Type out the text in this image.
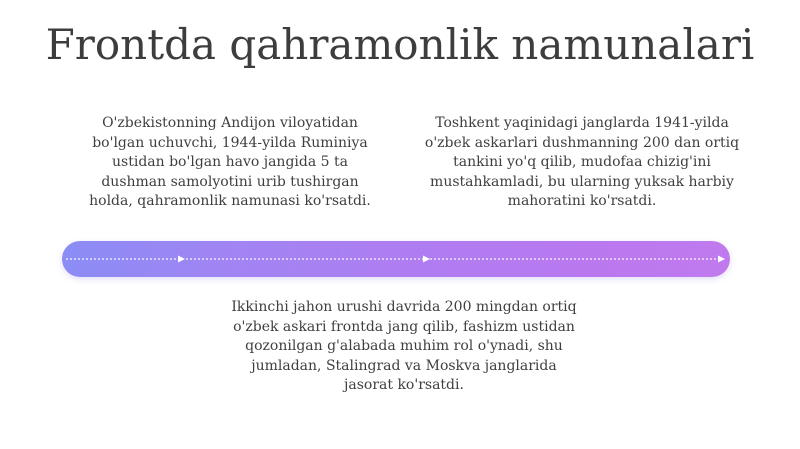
Frontda qahramonlik namunalari
O'zbekistonning Andijon viloyatidan
bo'lgan uchuvchi, 1944-yilda Ruminiya
ustidan bo'lgan havo jangida 5 ta
dushman samolyotini urib tushirgan
holda, qahramonlik namunasi ko'rsatdi.
Toshkent yaqinidagi janglarda 1941-yilda
o'zbek askarlari dushmanning 200 dan ortiq
tankini yo'q qilib, mudofaa chizig'ini
mustahkamladi, bu ularning yuksak harbiy
mahoratini ko'rsatdi.
Ikkinchi jahon urushi davrida 200 mingdan ortiq
o'zbek askari frontda jang qilib, fashizm ustidan
qozonilgan g'alabada muhim rol o'ynadi, shu
jumladan, Stalingrad va Moskva janglarida
jasorat ko'rsatdi.
